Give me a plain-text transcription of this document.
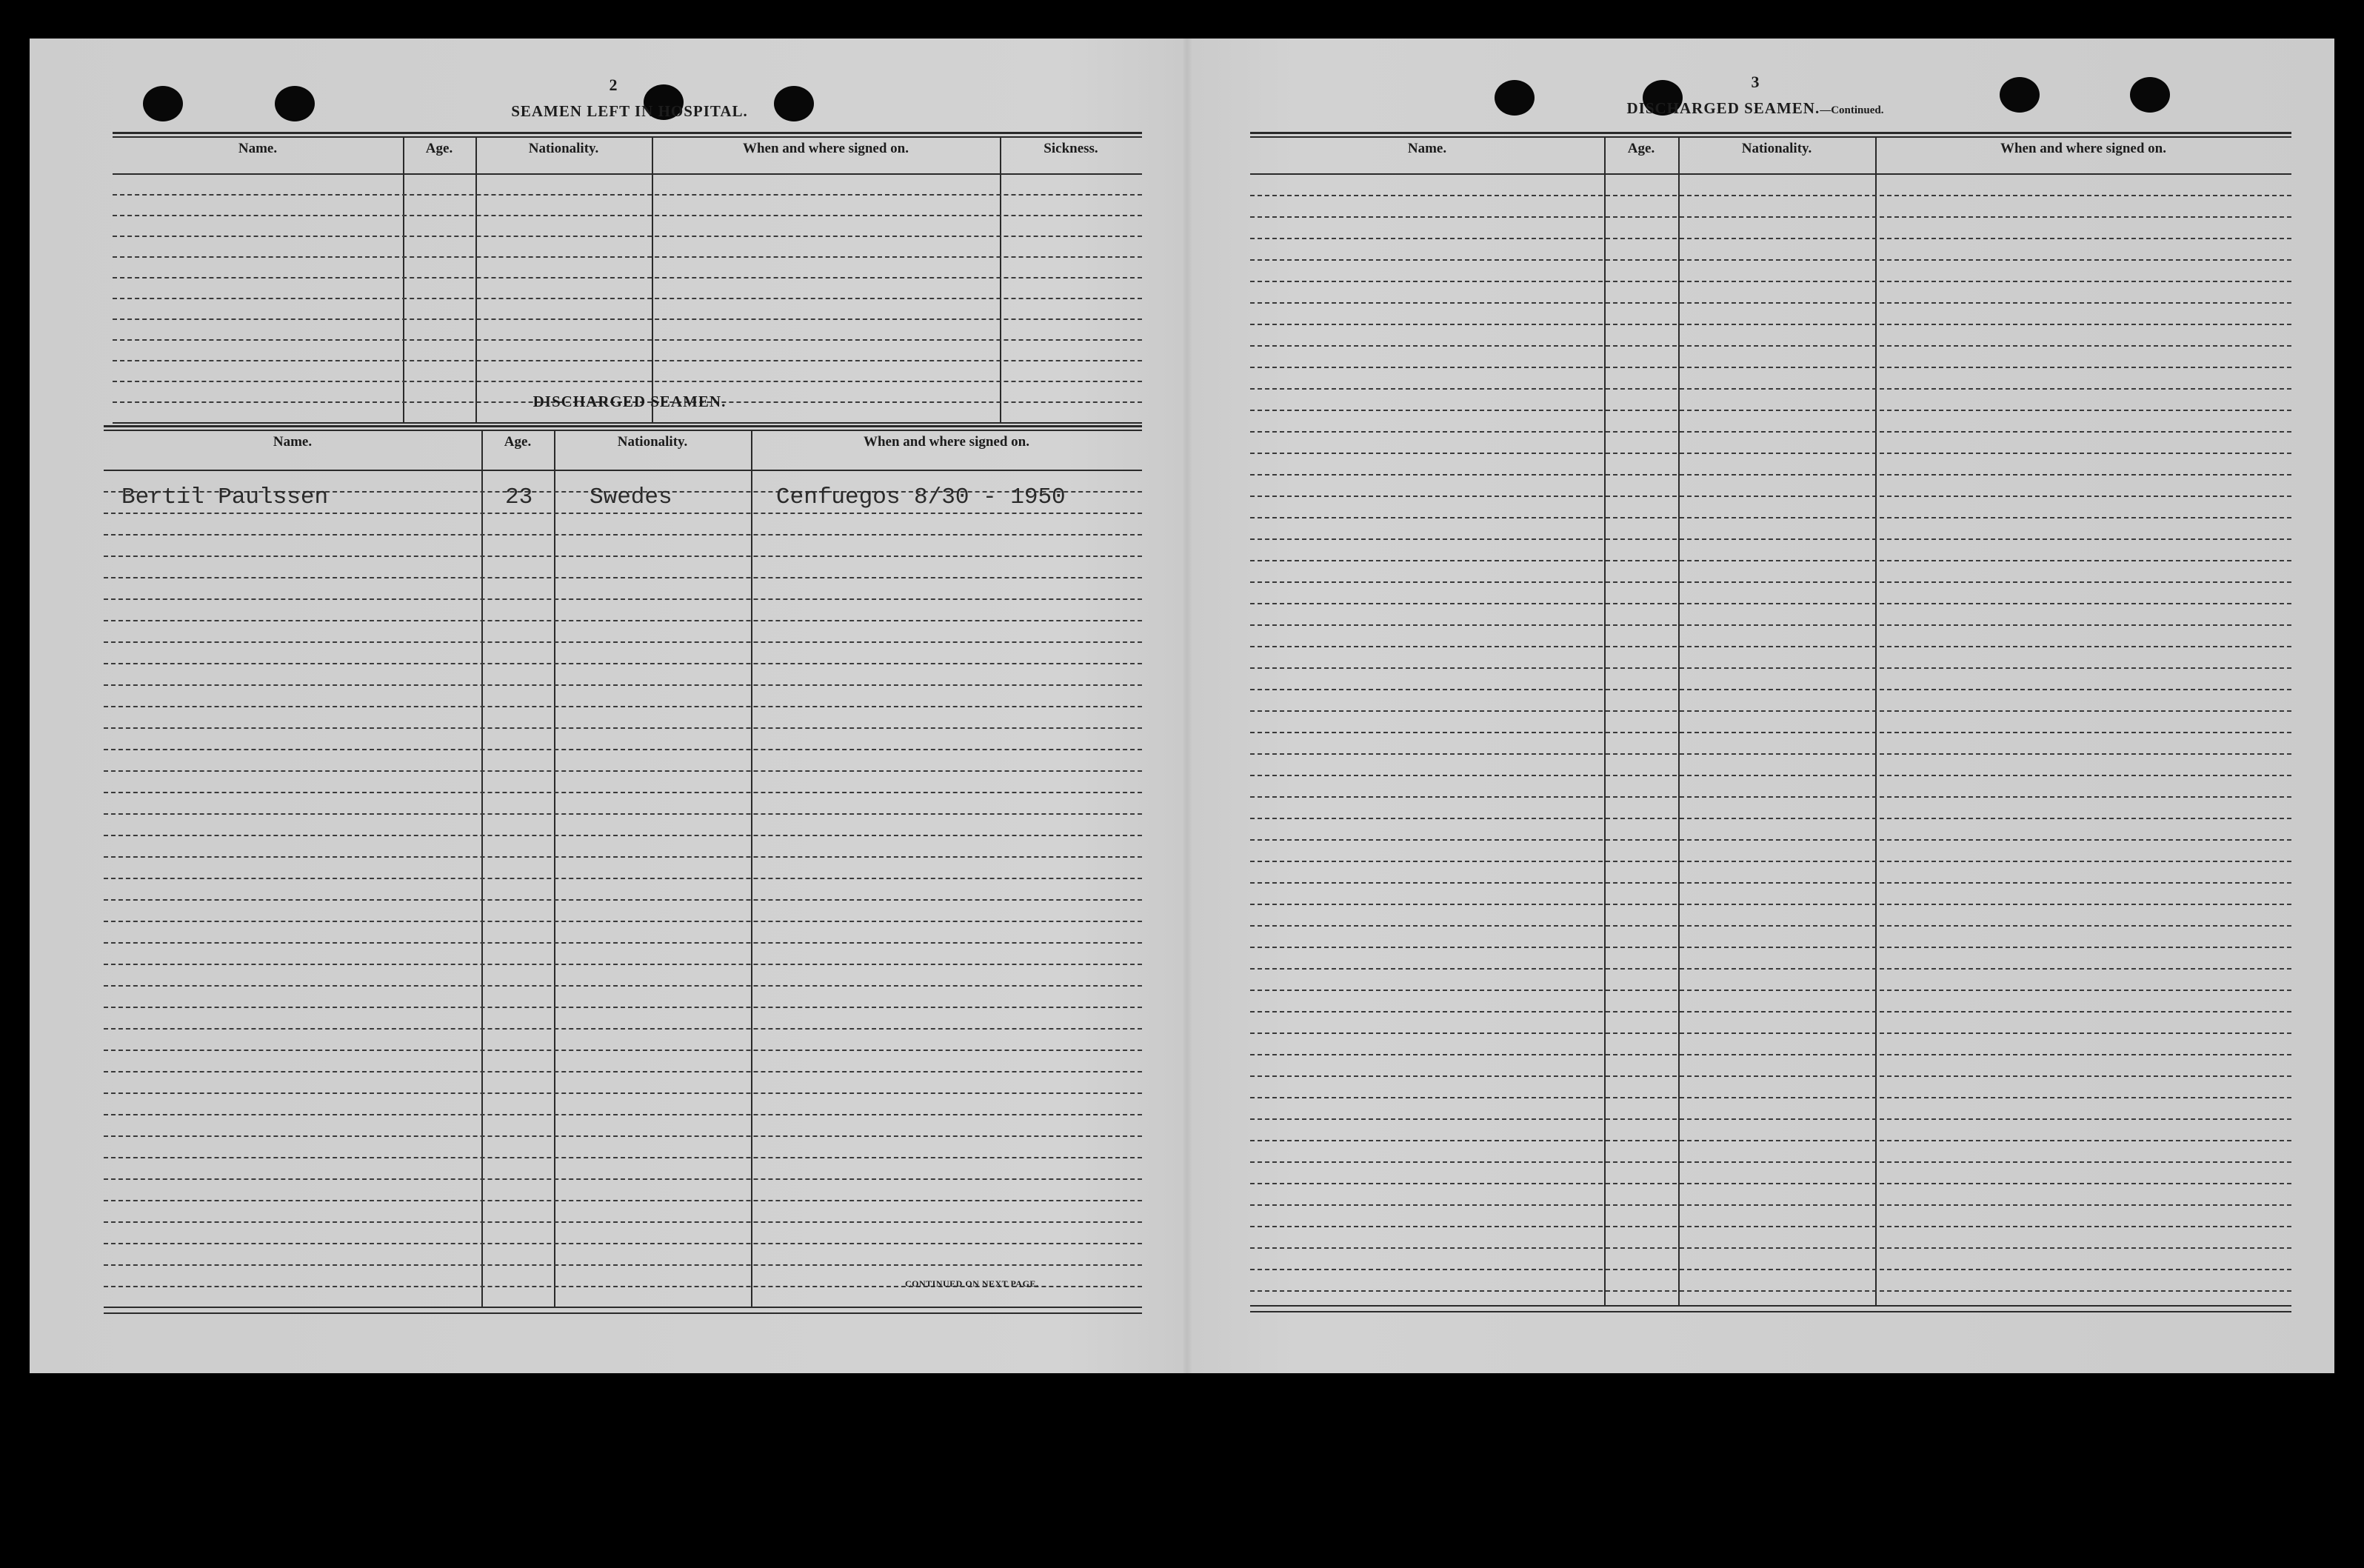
2
SEAMEN LEFT IN HOSPITAL.
Name.	Age.	Nationality.	When and where signed on.	Sickness.
DISCHARGED SEAMEN.
Name.	Age.	Nationality.	When and where signed on.
Bertil Paulssen	23 Swedes	Cenfuegos 8/30 - 1950
CONTINUED ON NEXT PAGE.
3
DISCHARGED SEAMEN.—Continued.
Name.	Age.	Nationality.	When and where signed on.
